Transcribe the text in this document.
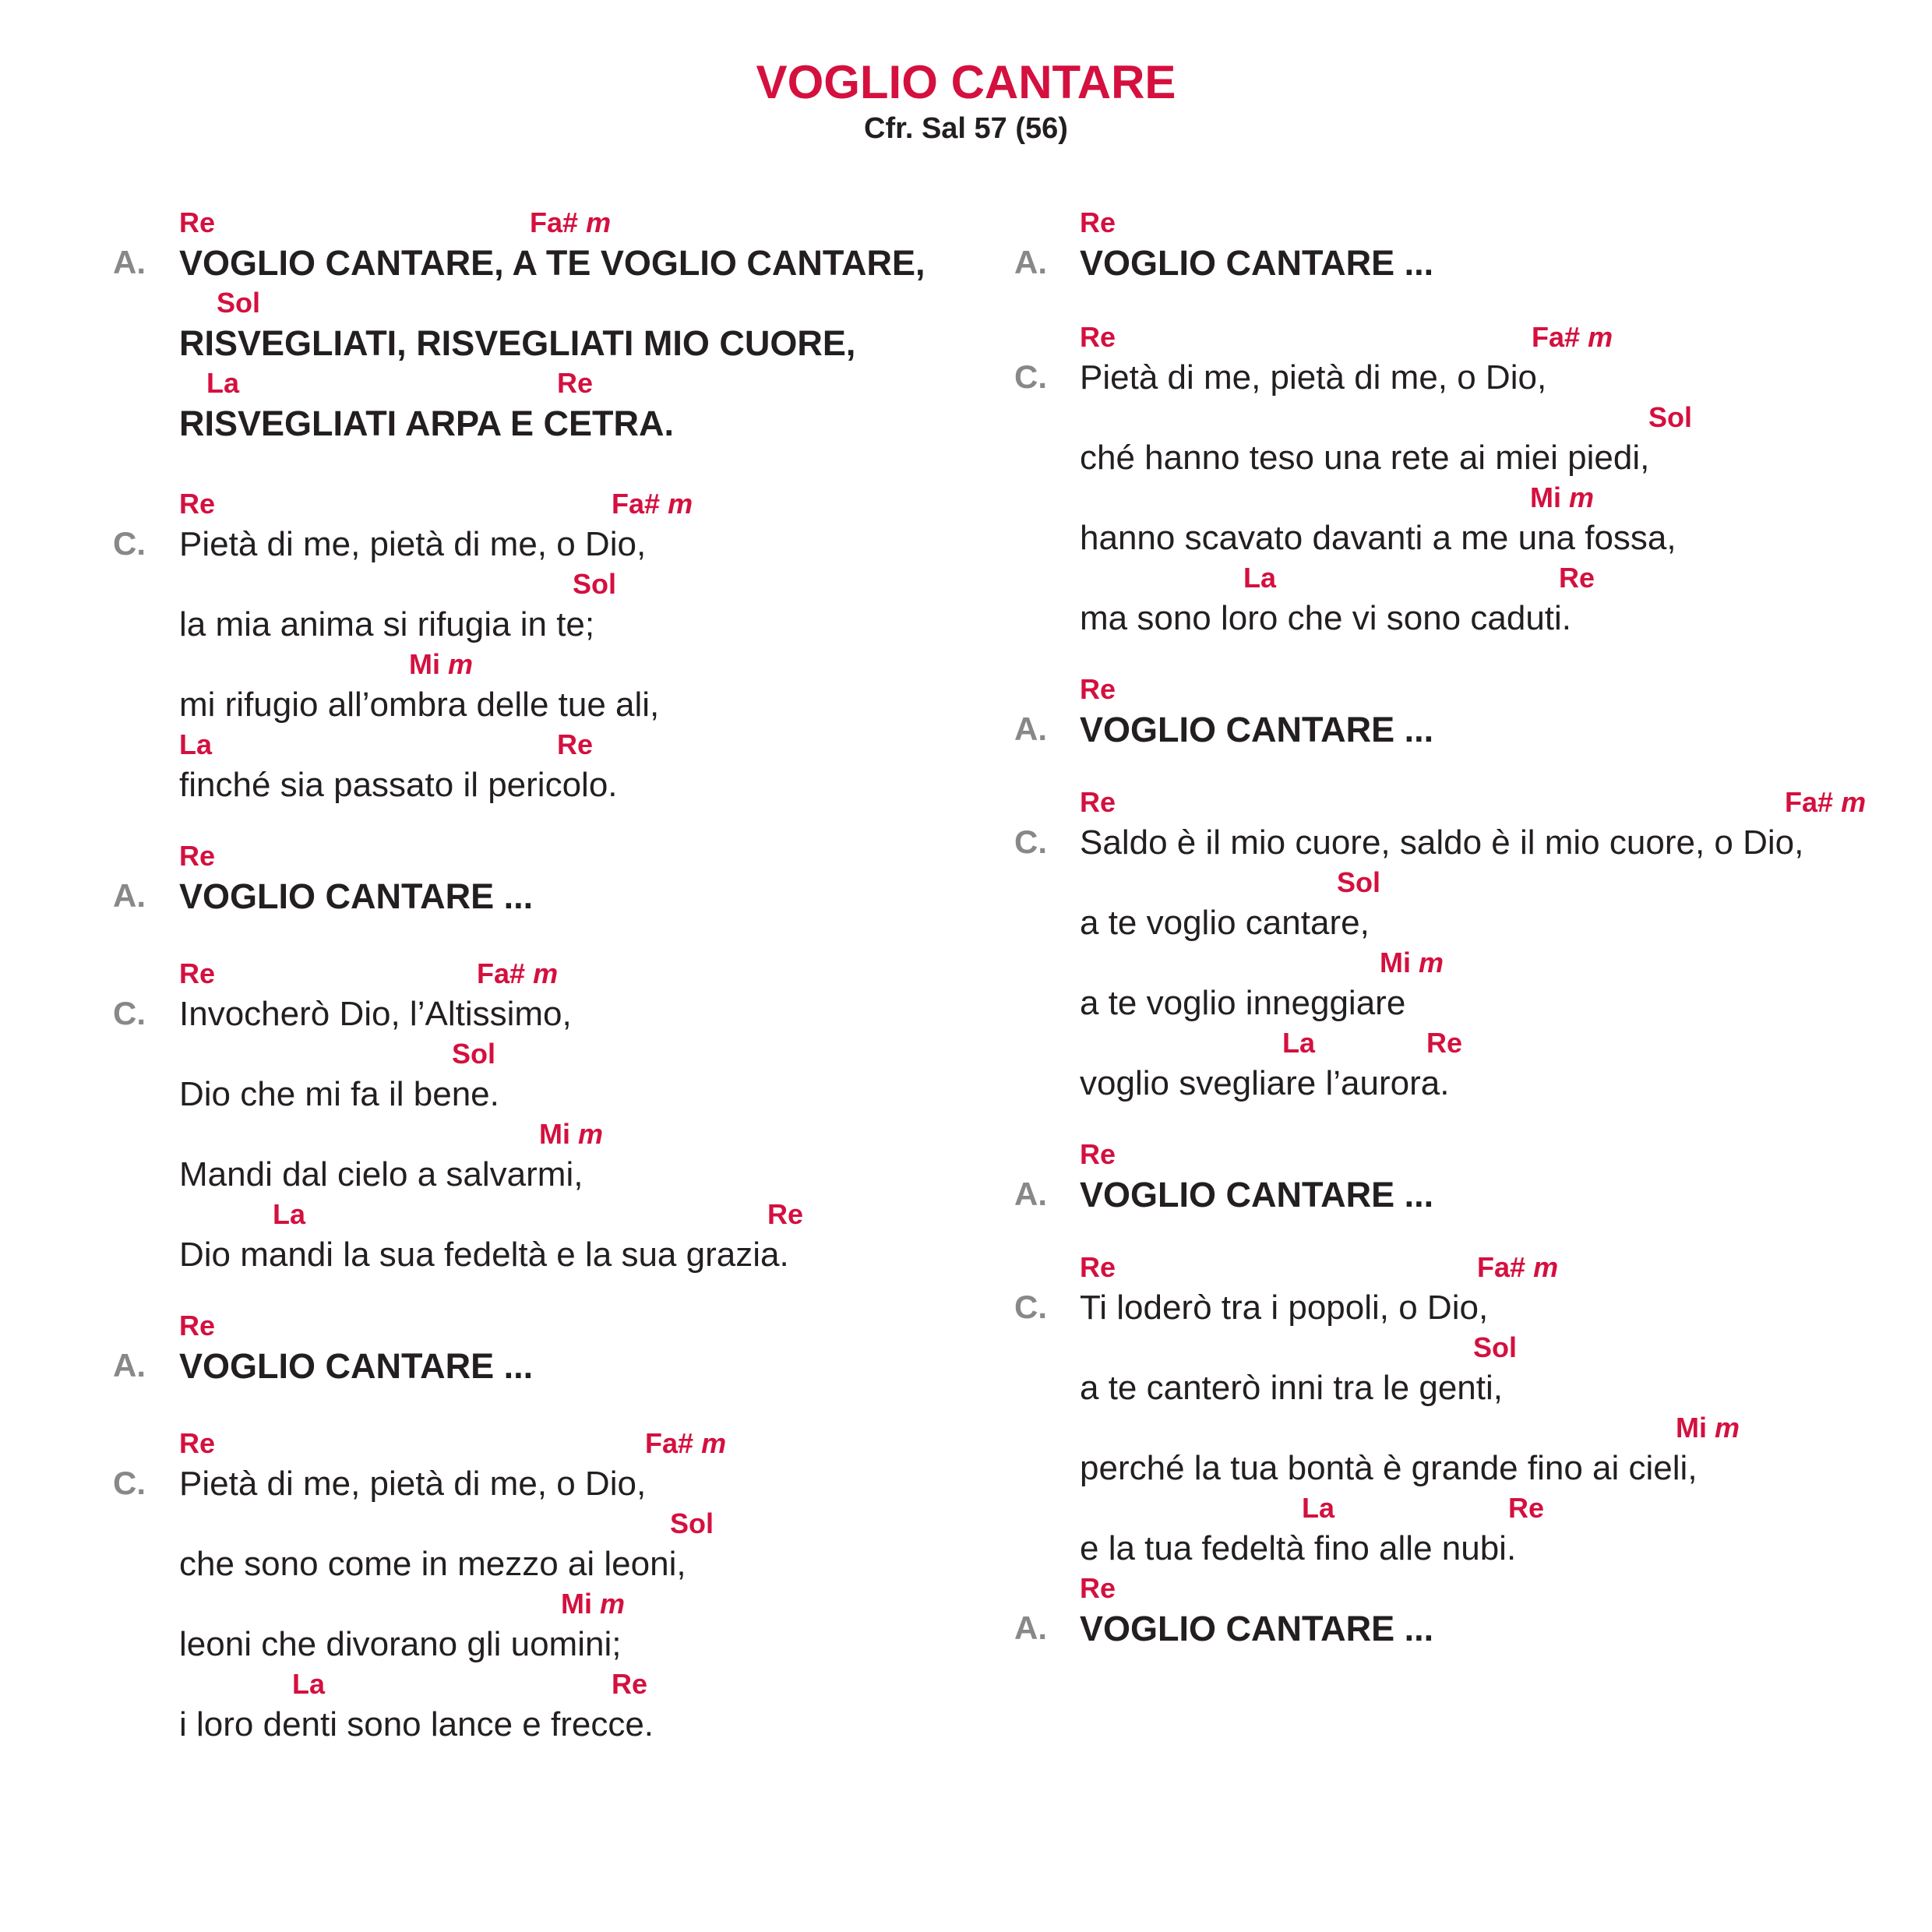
VOGLIO CANTARE
Cfr. Sal 57 (56)
A.
Re	Fa# m
VOGLIO CANTARE, A TE VOGLIO CANTARE,
Sol
RISVEGLIATI, RISVEGLIATI MIO CUORE,
La	Re
RISVEGLIATI ARPA E CETRA.
C.
Re	Fa# m
Pietà di me, pietà di me, o Dio,
Sol
la mia anima si rifugia in te;
Mi m
mi rifugio all’ombra delle tue ali,
La	Re
finché sia passato il pericolo.
A.
Re
VOGLIO CANTARE ...
C.
Re	Fa# m
Invocherò Dio, l’Altissimo,
Sol
Dio che mi fa il bene.
Mi m
Mandi dal cielo a salvarmi,
La	Re
Dio mandi la sua fedeltà e la sua grazia.
A.
Re
VOGLIO CANTARE ...
C.
Re	Fa# m
Pietà di me, pietà di me, o Dio,
Sol
che sono come in mezzo ai leoni,
Mi m
leoni che divorano gli uomini;
La	Re
i loro denti sono lance e frecce.
A.
Re
VOGLIO CANTARE ...
C.
Re	Fa# m
Pietà di me, pietà di me, o Dio,
Sol
ché hanno teso una rete ai miei piedi,
Mi m
hanno scavato davanti a me una fossa,
La	Re
ma sono loro che vi sono caduti.
A.
Re
VOGLIO CANTARE ...
C.
Re	Fa# m
Saldo è il mio cuore, saldo è il mio cuore, o Dio,
Sol
a te voglio cantare,
Mi m
a te voglio inneggiare
La	Re
voglio svegliare l’aurora.
A.
Re
VOGLIO CANTARE ...
C.
Re	Fa# m
Ti loderò tra i popoli, o Dio,
Sol
a te canterò inni tra le genti,
Mi m
perché la tua bontà è grande fino ai cieli,
La	Re
e la tua fedeltà fino alle nubi.
A.
Re
VOGLIO CANTARE ...
